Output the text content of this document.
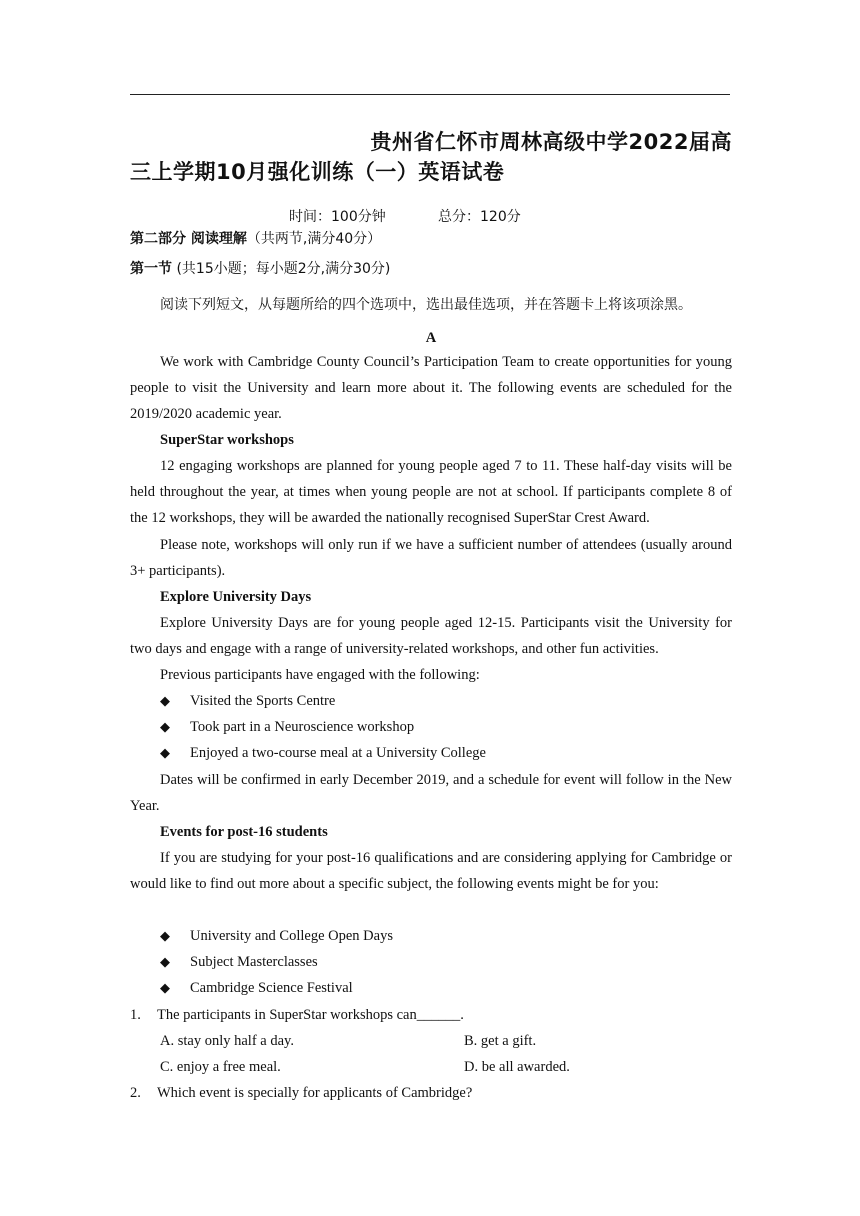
贵州省仁怀市周林高级中学2022届高
三上学期10月强化训练（一）英语试卷
时间：100分钟	总分：120分
第二部分 阅读理解（共两节,满分40分）
第一节 (共15小题；每小题2分,满分30分)
阅读下列短文，从每题所给的四个选项中，选出最佳选项，并在答题卡上将该项涂黑。
A
We work with Cambridge County Council’s Participation Team to create opportunities for young people to visit the University and learn more about it. The following events are scheduled for the 2019/2020 academic year.
SuperStar workshops
12 engaging workshops are planned for young people aged 7 to 11. These half-day visits will be held throughout the year, at times when young people are not at school. If participants complete 8 of the 12 workshops, they will be awarded the nationally recognised SuperStar Crest Award.
Please note, workshops will only run if we have a sufficient number of attendees (usually around 3+ participants).
Explore University Days
Explore University Days are for young people aged 12-15. Participants visit the University for two days and engage with a range of university-related workshops, and other fun activities.
Previous participants have engaged with the following:
◆ Visited the Sports Centre
◆ Took part in a Neuroscience workshop
◆ Enjoyed a two-course meal at a University College
Dates will be confirmed in early December 2019, and a schedule for event will follow in the New Year.
Events for post-16 students
If you are studying for your post-16 qualifications and are considering applying for Cambridge or would like to find out more about a specific subject, the following events might be for you:
◆ University and College Open Days
◆ Subject Masterclasses
◆ Cambridge Science Festival
1. The participants in SuperStar workshops can______.
A. stay only half a day.	B. get a gift.
C. enjoy a free meal.	D. be all awarded.
2. Which event is specially for applicants of Cambridge?
